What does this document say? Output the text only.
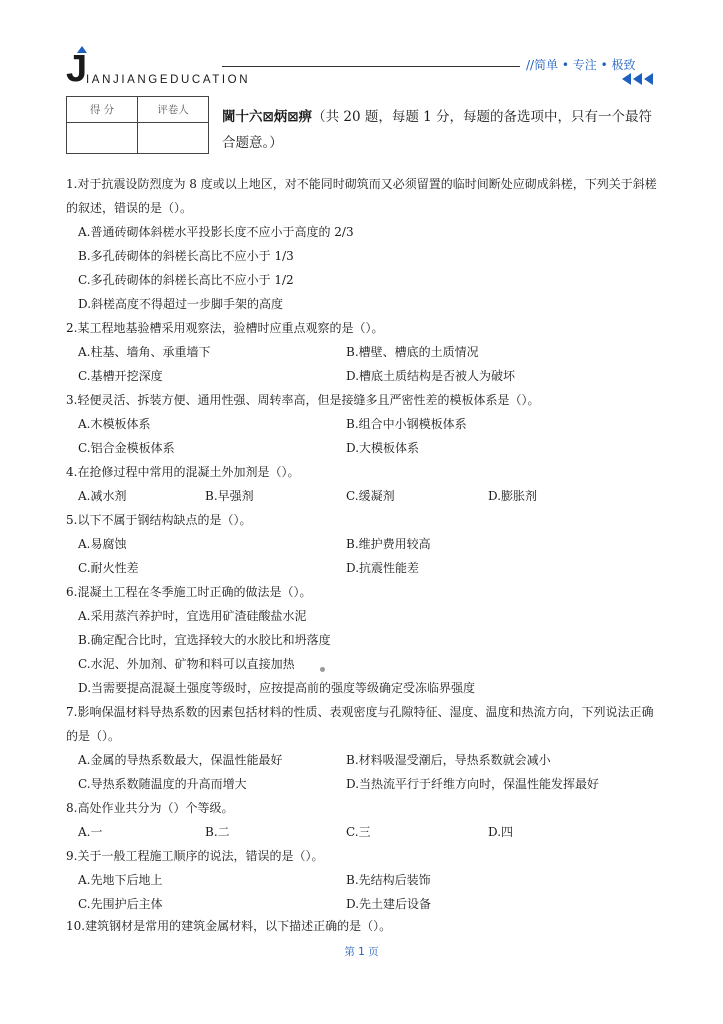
J
IANJIANGEDUCATION
//简单 • 专注 • 极致
得 分	评卷人
	閫十六⊠炳⊠痹（共 20 题，每题 1 分，每题的备选项中，只有一个最符合题意。）
1.对于抗震设防烈度为 8 度或以上地区，对不能同时砌筑而又必须留置的临时间断处应砌成斜槎，下列关于斜槎的叙述，错误的是（）。
A.普通砖砌体斜槎水平投影长度不应小于高度的 2/3
B.多孔砖砌体的斜槎长高比不应小于 1/3
C.多孔砖砌体的斜槎长高比不应小于 1/2
D.斜槎高度不得超过一步脚手架的高度
2.某工程地基验槽采用观察法，验槽时应重点观察的是（）。
A.柱基、墙角、承重墙下	B.槽壁、槽底的土质情况
C.基槽开挖深度	D.槽底土质结构是否被人为破坏
3.轻便灵活、拆装方便、通用性强、周转率高，但是接缝多且严密性差的模板体系是（）。
A.木模板体系	B.组合中小钢模板体系
C.铝合金模板体系	D.大模板体系
4.在抢修过程中常用的混凝土外加剂是（）。
A.减水剂	B.早强剂	C.缓凝剂	D.膨胀剂
5.以下不属于钢结构缺点的是（）。
A.易腐蚀	B.维护费用较高
C.耐火性差	D.抗震性能差
6.混凝土工程在冬季施工时正确的做法是（）。
A.采用蒸汽养护时，宜选用矿渣硅酸盐水泥
B.确定配合比时，宜选择较大的水胶比和坍落度
C.水泥、外加剂、矿物和料可以直接加热
D.当需要提高混凝土强度等级时，应按提高前的强度等级确定受冻临界强度
7.影响保温材料导热系数的因素包括材料的性质、表观密度与孔隙特征、湿度、温度和热流方向，下列说法正确的是（）。
A.金属的导热系数最大，保温性能最好	B.材料吸湿受潮后，导热系数就会减小
C.导热系数随温度的升高而增大	D.当热流平行于纤维方向时，保温性能发挥最好
8.高处作业共分为（）个等级。
A.一	B.二	C.三	D.四
9.关于一般工程施工顺序的说法，错误的是（）。
A.先地下后地上	B.先结构后装饰
C.先围护后主体	D.先土建后设备
10.建筑钢材是常用的建筑金属材料，以下描述正确的是（）。
第 1 页
